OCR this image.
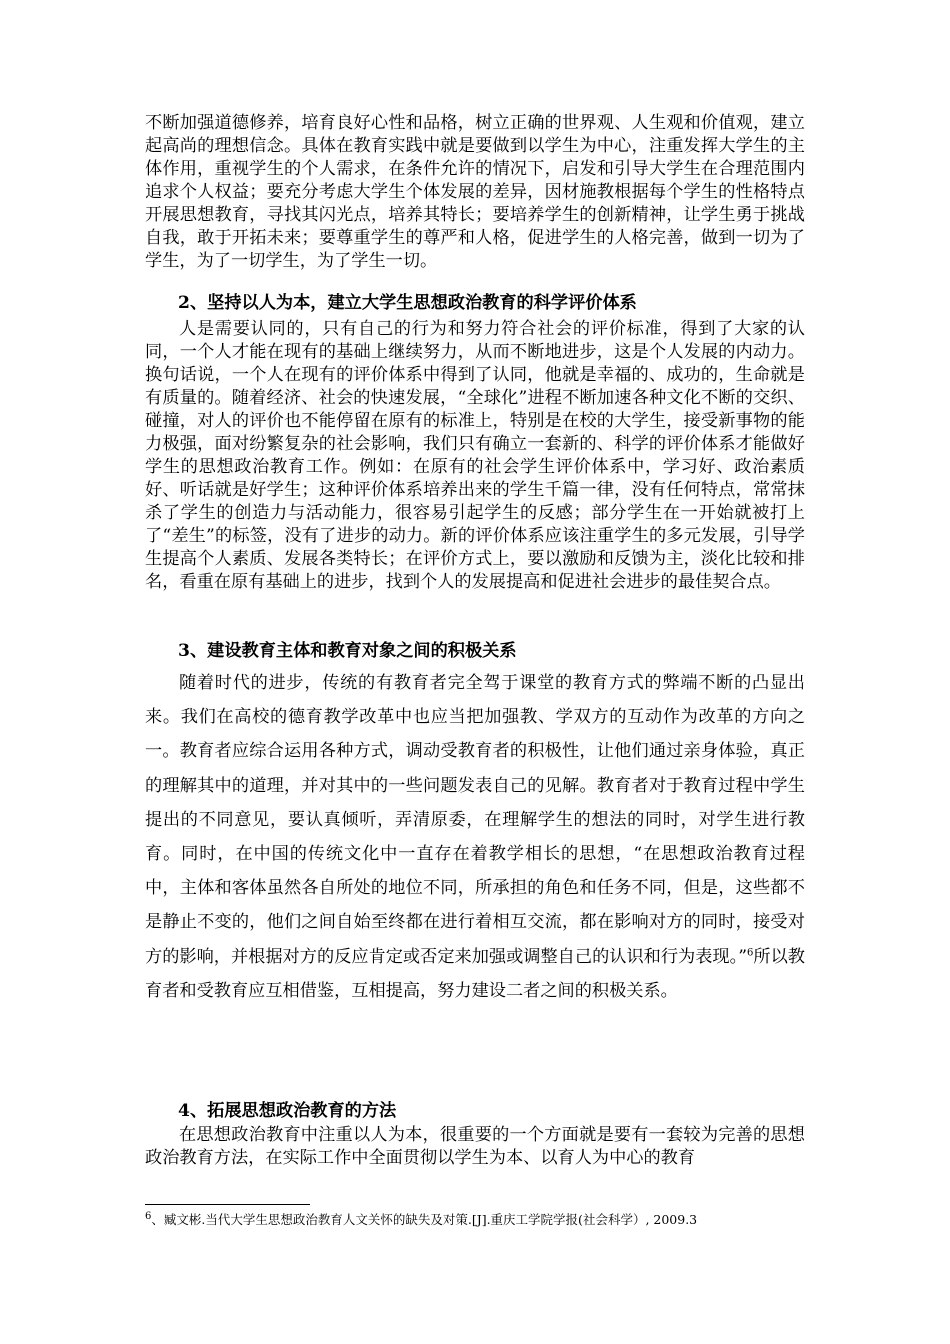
不断加强道德修养，培育良好心性和品格，树立正确的世界观、人生观和价值观，建立起高尚的理想信念。具体在教育实践中就是要做到以学生为中心，注重发挥大学生的主体作用，重视学生的个人需求，在条件允许的情况下，启发和引导大学生在合理范围内追求个人权益；要充分考虑大学生个体发展的差异，因材施教根据每个学生的性格特点开展思想教育，寻找其闪光点，培养其特长；要培养学生的创新精神，让学生勇于挑战自我，敢于开拓未来；要尊重学生的尊严和人格，促进学生的人格完善，做到一切为了学生，为了一切学生，为了学生一切。

2、坚持以人为本，建立大学生思想政治教育的科学评价体系

人是需要认同的，只有自己的行为和努力符合社会的评价标准，得到了大家的认同，一个人才能在现有的基础上继续努力，从而不断地进步，这是个人发展的内动力。换句话说，一个人在现有的评价体系中得到了认同，他就是幸福的、成功的，生命就是有质量的。随着经济、社会的快速发展，“全球化”进程不断加速各种文化不断的交织、碰撞，对人的评价也不能停留在原有的标准上，特别是在校的大学生，接受新事物的能力极强，面对纷繁复杂的社会影响，我们只有确立一套新的、科学的评价体系才能做好学生的思想政治教育工作。例如：在原有的社会学生评价体系中，学习好、政治素质好、听话就是好学生；这种评价体系培养出来的学生千篇一律，没有任何特点，常常抹杀了学生的创造力与活动能力，很容易引起学生的反感；部分学生在一开始就被打上了“差生”的标签，没有了进步的动力。新的评价体系应该注重学生的多元发展，引导学生提高个人素质、发展各类特长；在评价方式上，要以激励和反馈为主，淡化比较和排名，看重在原有基础上的进步，找到个人的发展提高和促进社会进步的最佳契合点。

3、建设教育主体和教育对象之间的积极关系

随着时代的进步，传统的有教育者完全驾于课堂的教育方式的弊端不断的凸显出来。我们在高校的德育教学改革中也应当把加强教、学双方的互动作为改革的方向之一。教育者应综合运用各种方式，调动受教育者的积极性，让他们通过亲身体验，真正的理解其中的道理，并对其中的一些问题发表自己的见解。教育者对于教育过程中学生提出的不同意见，要认真倾听，弄清原委，在理解学生的想法的同时，对学生进行教育。同时，在中国的传统文化中一直存在着教学相长的思想，“在思想政治教育过程中，主体和客体虽然各自所处的地位不同，所承担的角色和任务不同，但是，这些都不是静止不变的，他们之间自始至终都在进行着相互交流，都在影响对方的同时，接受对方的影响，并根据对方的反应肯定或否定来加强或调整自己的认识和行为表现。”$^6$所以教育者和受教育应互相借鉴，互相提高，努力建设二者之间的积极关系。

4、拓展思想政治教育的方法

在思想政治教育中注重以人为本，很重要的一个方面就是要有一套较为完善的思想政治教育方法，在实际工作中全面贯彻以学生为本、以育人为中心的教育

$^6$、臧文彬.当代大学生思想政治教育人文关怀的缺失及对策.[J].重庆工学院学报(社会科学）, 2009.3
